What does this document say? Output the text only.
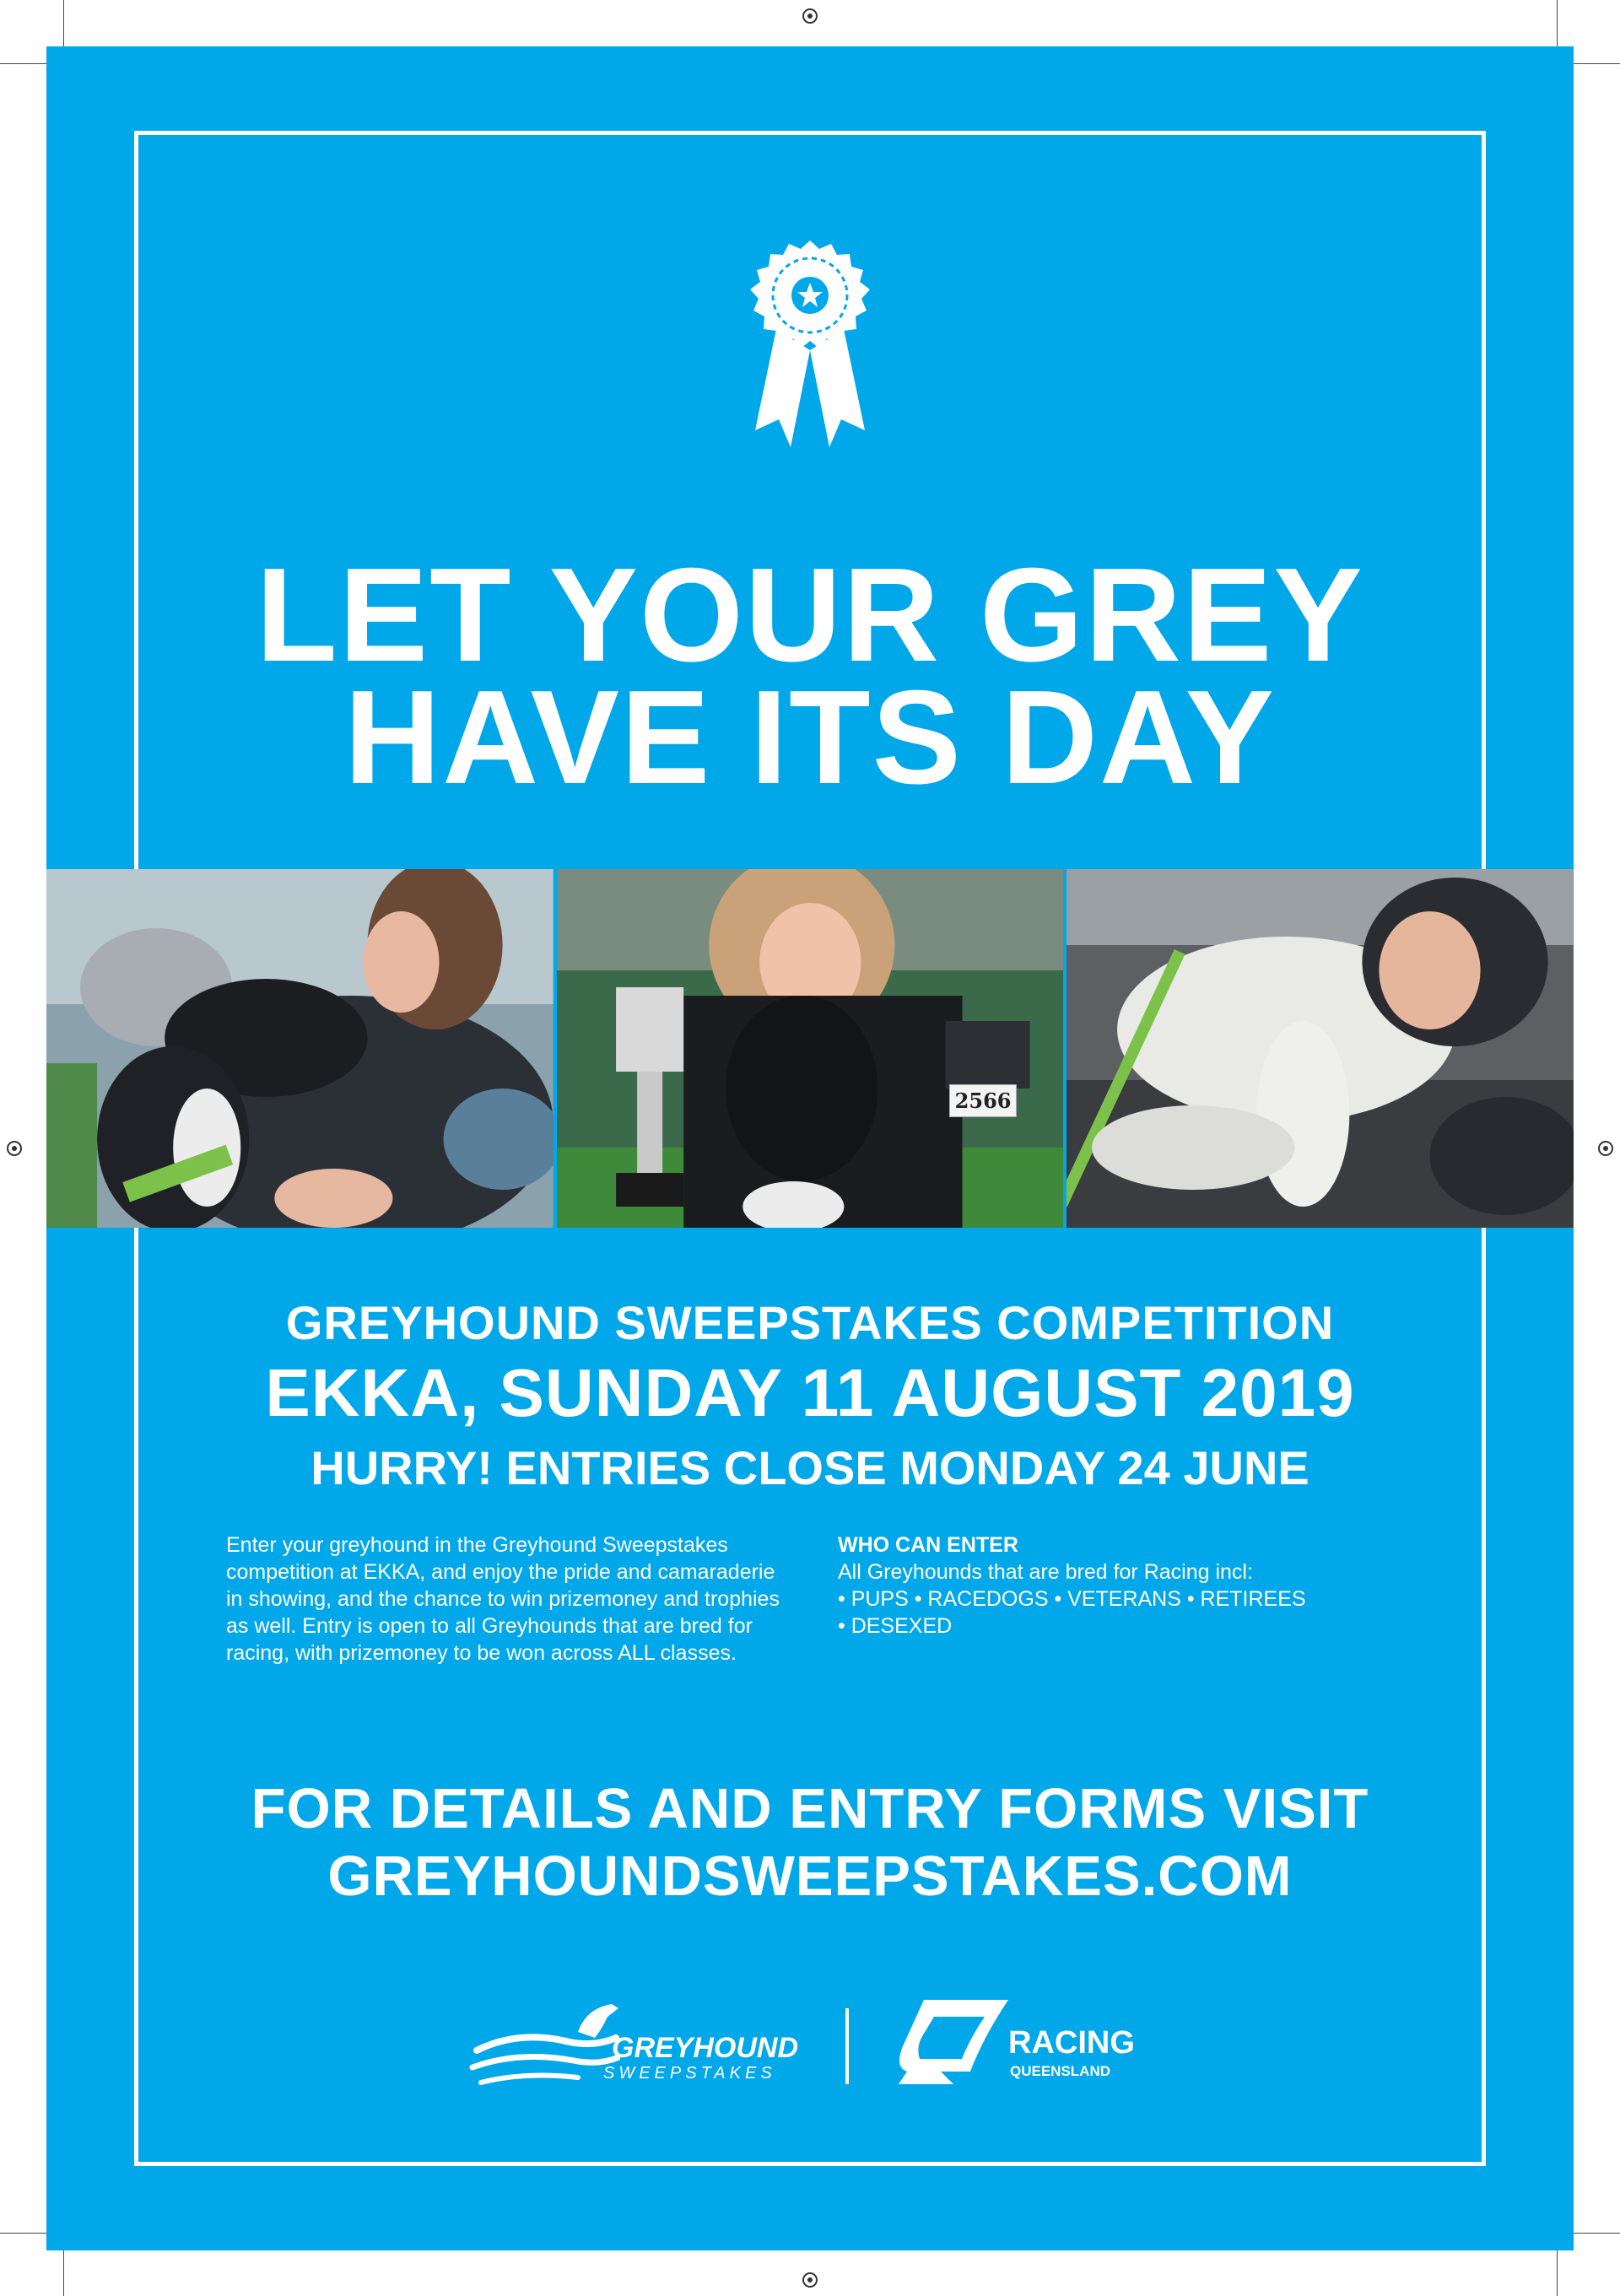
LET YOUR GREY
HAVE ITS DAY
2566
GREYHOUND SWEEPSTAKES COMPETITION
EKKA, SUNDAY 11 AUGUST 2019
HURRY! ENTRIES CLOSE MONDAY 24 JUNE
Enter your greyhound in the Greyhound Sweepstakes competition at EKKA, and enjoy the pride and camaraderie in showing, and the chance to win prizemoney and trophies as well. Entry is open to all Greyhounds that are bred for racing, with prizemoney to be won across ALL classes.
WHO CAN ENTER
All Greyhounds that are bred for Racing incl:
• PUPS • RACEDOGS • VETERANS • RETIREES
• DESEXED
FOR DETAILS AND ENTRY FORMS VISIT
GREYHOUNDSWEEPSTAKES.COM
GREYHOUND
SWEEPSTAKES
RACING
QUEENSLAND
